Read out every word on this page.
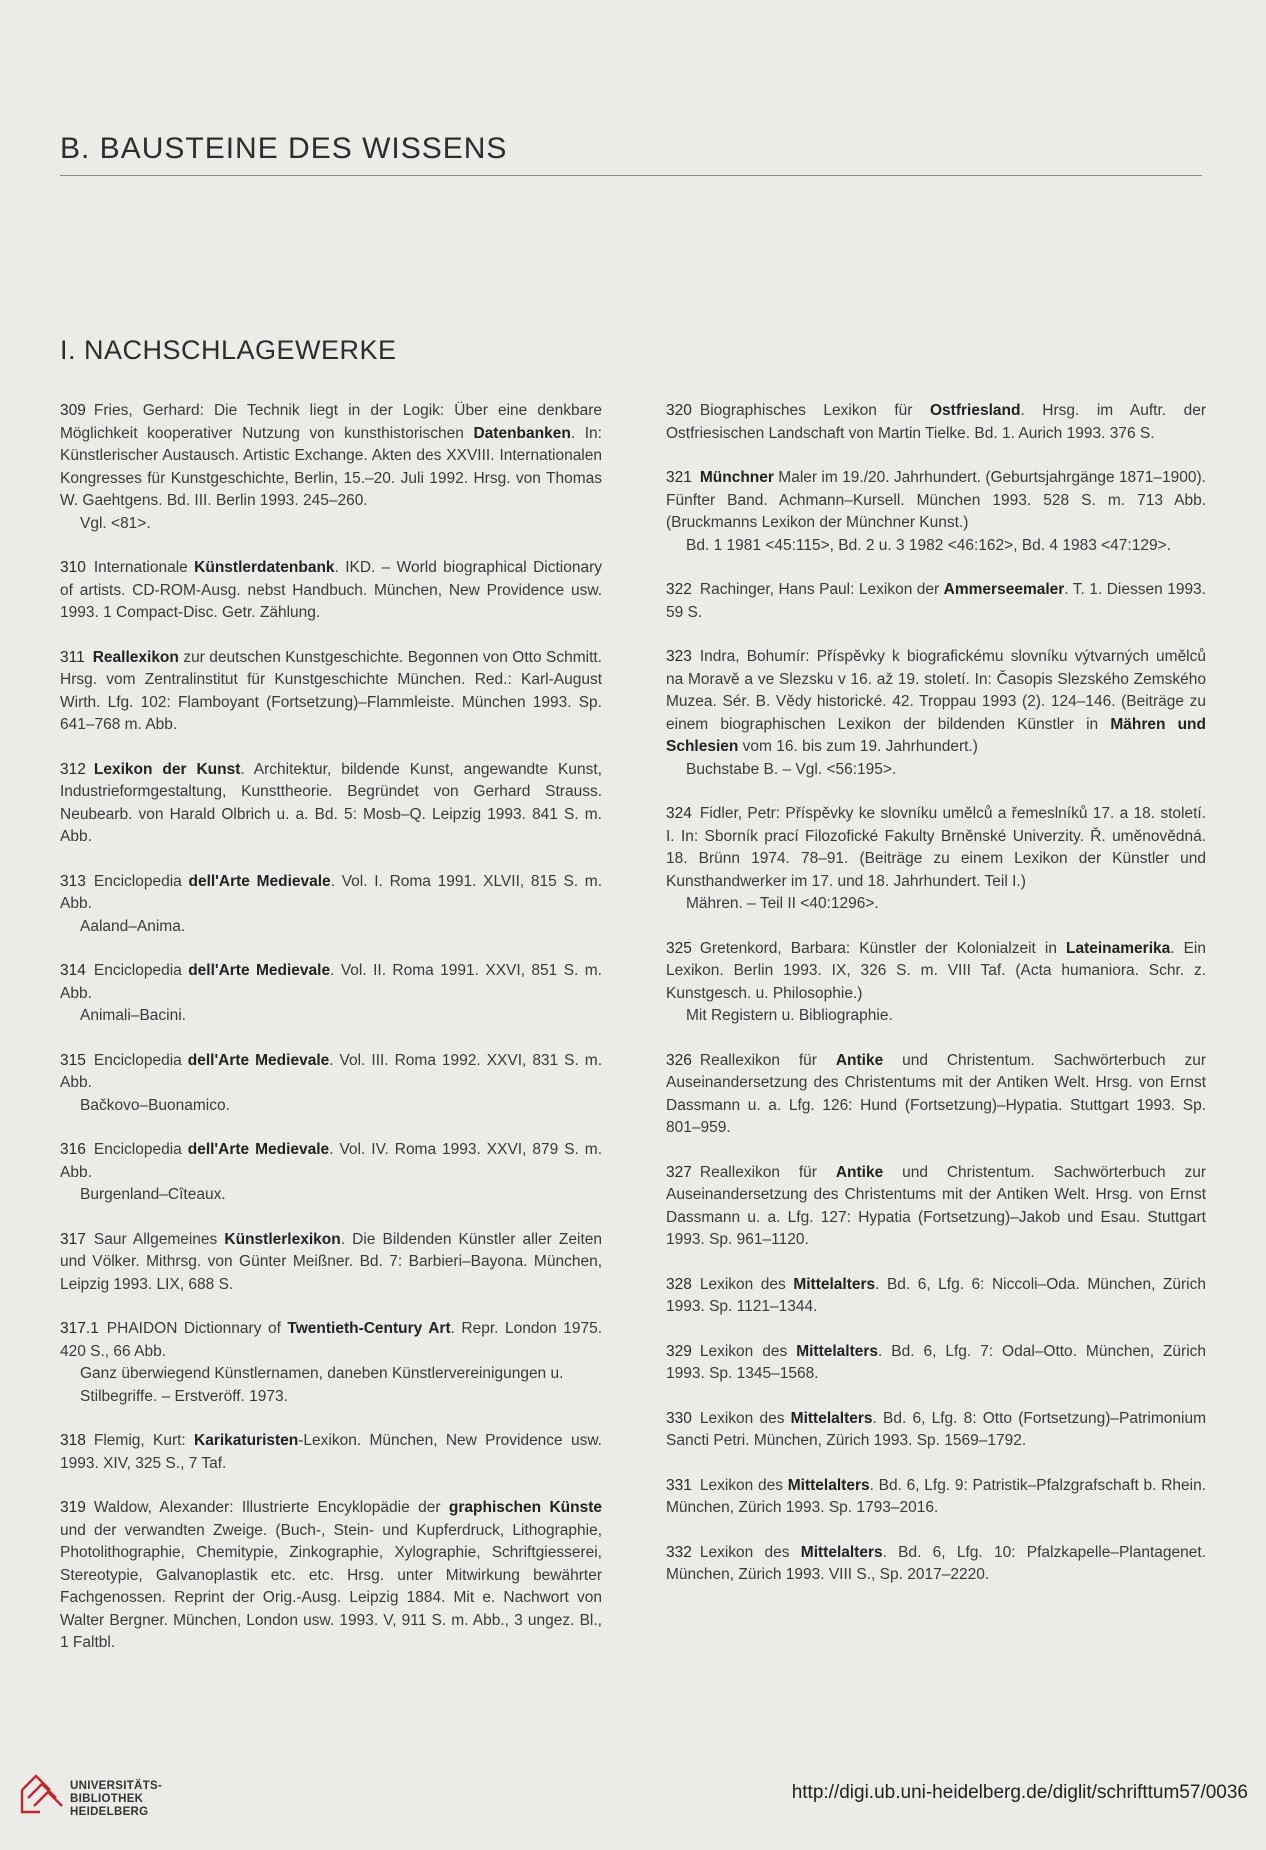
B. BAUSTEINE DES WISSENS
I. NACHSCHLAGEWERKE

309 Fries, Gerhard: Die Technik liegt in der Logik: Über eine denkbare Möglichkeit kooperativer Nutzung von kunsthistorischen Datenbanken. In: Künstlerischer Austausch. Artistic Exchange. Akten des XXVIII. Internationalen Kongresses für Kunstgeschichte, Berlin, 15.–20. Juli 1992. Hrsg. von Thomas W. Gaehtgens. Bd. III. Berlin 1993. 245–260.
Vgl. <81>.

310 Internationale Künstlerdatenbank. IKD. – World biographical Dictionary of artists. CD-ROM-Ausg. nebst Handbuch. München, New Providence usw. 1993. 1 Compact-Disc. Getr. Zählung.

311 Reallexikon zur deutschen Kunstgeschichte. Begonnen von Otto Schmitt. Hrsg. vom Zentralinstitut für Kunstgeschichte München. Red.: Karl-August Wirth. Lfg. 102: Flamboyant (Fortsetzung)–Flammleiste. München 1993. Sp. 641–768 m. Abb.

312 Lexikon der Kunst. Architektur, bildende Kunst, angewandte Kunst, Industrieformgestaltung, Kunsttheorie. Begründet von Gerhard Strauss. Neubearb. von Harald Olbrich u. a. Bd. 5: Mosb–Q. Leipzig 1993. 841 S. m. Abb.

313 Enciclopedia dell'Arte Medievale. Vol. I. Roma 1991. XLVII, 815 S. m. Abb.
Aaland–Anima.

314 Enciclopedia dell'Arte Medievale. Vol. II. Roma 1991. XXVI, 851 S. m. Abb.
Animali–Bacini.

315 Enciclopedia dell'Arte Medievale. Vol. III. Roma 1992. XXVI, 831 S. m. Abb.
Bačkovo–Buonamico.

316 Enciclopedia dell'Arte Medievale. Vol. IV. Roma 1993. XXVI, 879 S. m. Abb.
Burgenland–Cîteaux.

317 Saur Allgemeines Künstlerlexikon. Die Bildenden Künstler aller Zeiten und Völker. Mithrsg. von Günter Meißner. Bd. 7: Barbieri–Bayona. München, Leipzig 1993. LIX, 688 S.

317.1 PHAIDON Dictionnary of Twentieth-Century Art. Repr. London 1975. 420 S., 66 Abb.
Ganz überwiegend Künstlernamen, daneben Künstlervereinigungen u. Stilbegriffe. – Erstveröff. 1973.

318 Flemig, Kurt: Karikaturisten-Lexikon. München, New Providence usw. 1993. XIV, 325 S., 7 Taf.

319 Waldow, Alexander: Illustrierte Encyklopädie der graphischen Künste und der verwandten Zweige. (Buch-, Stein- und Kupferdruck, Lithographie, Photolithographie, Chemitypie, Zinkographie, Xylographie, Schriftgiesserei, Stereotypie, Galvanoplastik etc. etc. Hrsg. unter Mitwirkung bewährter Fachgenossen. Reprint der Orig.-Ausg. Leipzig 1884. Mit e. Nachwort von Walter Bergner. München, London usw. 1993. V, 911 S. m. Abb., 3 ungez. Bl., 1 Faltbl.

320 Biographisches Lexikon für Ostfriesland. Hrsg. im Auftr. der Ostfriesischen Landschaft von Martin Tielke. Bd. 1. Aurich 1993. 376 S.

321 Münchner Maler im 19./20. Jahrhundert. (Geburtsjahrgänge 1871–1900). Fünfter Band. Achmann–Kursell. München 1993. 528 S. m. 713 Abb. (Bruckmanns Lexikon der Münchner Kunst.)
Bd. 1 1981 <45:115>, Bd. 2 u. 3 1982 <46:162>, Bd. 4 1983 <47:129>.

322 Rachinger, Hans Paul: Lexikon der Ammerseemaler. T. 1. Diessen 1993. 59 S.

323 Indra, Bohumír: Příspěvky k biografickému slovníku výtvarných umělců na Moravě a ve Slezsku v 16. až 19. století. In: Časopis Slezského Zemského Muzea. Sér. B. Vědy historické. 42. Troppau 1993 (2). 124–146. (Beiträge zu einem biographischen Lexikon der bildenden Künstler in Mähren und Schlesien vom 16. bis zum 19. Jahrhundert.)
Buchstabe B. – Vgl. <56:195>.

324 Fidler, Petr: Příspěvky ke slovníku umělců a řemeslníků 17. a 18. století. I. In: Sborník prací Filozofické Fakulty Brněnské Univerzity. Ř. uměnovědná. 18. Brünn 1974. 78–91. (Beiträge zu einem Lexikon der Künstler und Kunsthandwerker im 17. und 18. Jahrhundert. Teil I.)
Mähren. – Teil II <40:1296>.

325 Gretenkord, Barbara: Künstler der Kolonialzeit in Lateinamerika. Ein Lexikon. Berlin 1993. IX, 326 S. m. VIII Taf. (Acta humaniora. Schr. z. Kunstgesch. u. Philosophie.)
Mit Registern u. Bibliographie.

326 Reallexikon für Antike und Christentum. Sachwörterbuch zur Auseinandersetzung des Christentums mit der Antiken Welt. Hrsg. von Ernst Dassmann u. a. Lfg. 126: Hund (Fortsetzung)–Hypatia. Stuttgart 1993. Sp. 801–959.

327 Reallexikon für Antike und Christentum. Sachwörterbuch zur Auseinandersetzung des Christentums mit der Antiken Welt. Hrsg. von Ernst Dassmann u. a. Lfg. 127: Hypatia (Fortsetzung)–Jakob und Esau. Stuttgart 1993. Sp. 961–1120.

328 Lexikon des Mittelalters. Bd. 6, Lfg. 6: Niccoli–Oda. München, Zürich 1993. Sp. 1121–1344.

329 Lexikon des Mittelalters. Bd. 6, Lfg. 7: Odal–Otto. München, Zürich 1993. Sp. 1345–1568.

330 Lexikon des Mittelalters. Bd. 6, Lfg. 8: Otto (Fortsetzung)–Patrimonium Sancti Petri. München, Zürich 1993. Sp. 1569–1792.

331 Lexikon des Mittelalters. Bd. 6, Lfg. 9: Patristik–Pfalzgrafschaft b. Rhein. München, Zürich 1993. Sp. 1793–2016.

332 Lexikon des Mittelalters. Bd. 6, Lfg. 10: Pfalzkapelle–Plantagenet. München, Zürich 1993. VIII S., Sp. 2017–2220.

UNIVERSITÄTS-
BIBLIOTHEK
HEIDELBERG
http://digi.ub.uni-heidelberg.de/diglit/schrifttum57/0036
